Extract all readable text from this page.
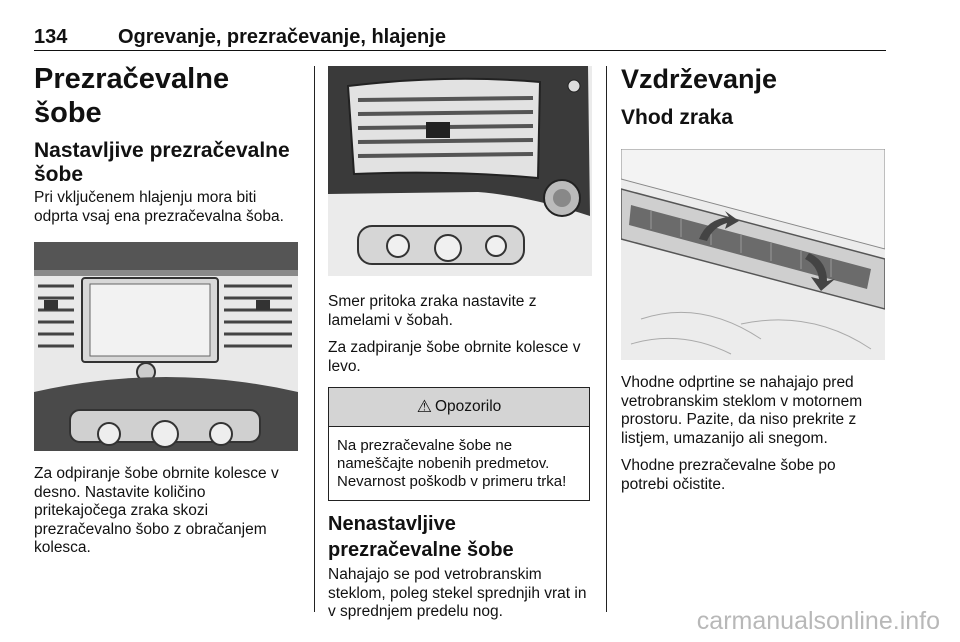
134	Ogrevanje, prezračevanje, hlajenje
Prezračevalne šobe
Nastavljive prezračevalne šobe

Pri vključenem hlajenju mora biti odprta vsaj ena prezračevalna šoba.

Za odpiranje šobe obrnite kolesce v desno. Nastavite količino pritekajočega zraka skozi prezračevalno šobo z obračanjem kolesca.

Smer pritoka zraka nastavite z lamelami v šobah.

Za zadpiranje šobe obrnite kolesce v levo.

⚠ Opozorilo
Na prezračevalne šobe ne nameščajte nobenih predmetov. Nevarnost poškodb v primeru trka!
Nenastavljive prezračevalne šobe

Nahajajo se pod vetrobranskim steklom, poleg stekel sprednjih vrat in v sprednjem predelu nog.

Vzdrževanje
Vhod zraka

Vhodne odprtine se nahajajo pred vetrobranskim steklom v motornem prostoru. Pazite, da niso prekrite z listjem, umazanijo ali snegom.

Vhodne prezračevalne šobe po potrebi očistite.

carmanualsonline.info
